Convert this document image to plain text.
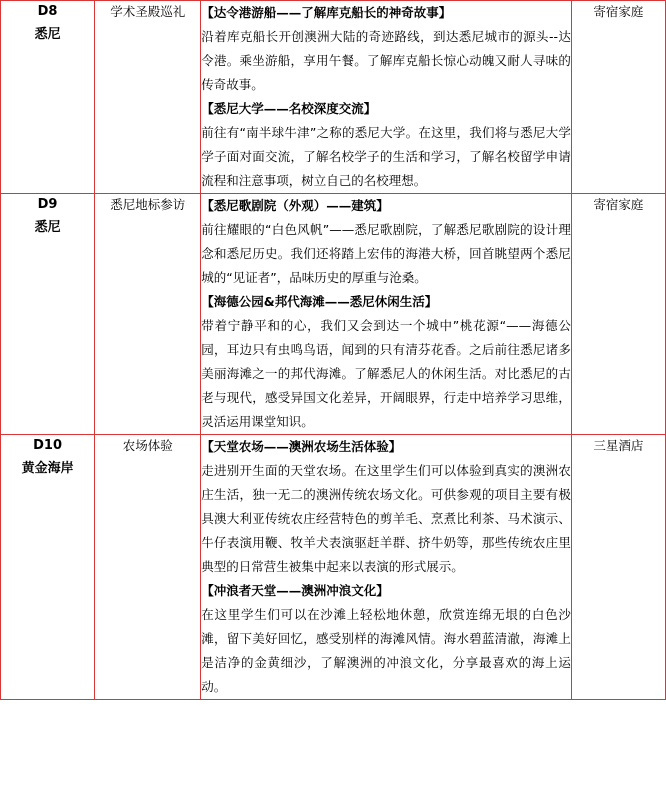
D8
悉尼
	学术圣殿巡礼	【达令港游船——了解库克船长的神奇故事】
沿着库克船长开创澳洲大陆的奇迹路线，到达悉尼城市的源头--达令港。乘坐游船，享用午餐。了解库克船长惊心动魄又耐人寻味的传奇故事。
【悉尼大学——名校深度交流】
前往有“南半球牛津”之称的悉尼大学。在这里，我们将与悉尼大学学子面对面交流，了解名校学子的生活和学习，了解名校留学申请流程和注意事项，树立自己的名校理想。
	寄宿家庭

D9
悉尼
	悉尼地标参访	【悉尼歌剧院（外观）——建筑】
前往耀眼的“白色风帆”——悉尼歌剧院，了解悉尼歌剧院的设计理念和悉尼历史。我们还将踏上宏伟的海港大桥，回首眺望两个悉尼城的“见证者”，品味历史的厚重与沧桑。
【海德公园&邦代海滩——悉尼休闲生活】
带着宁静平和的心，我们又会到达一个城中”桃花源“——海德公园，耳边只有虫鸣鸟语，闻到的只有清芬花香。之后前往悉尼诸多美丽海滩之一的邦代海滩。了解悉尼人的休闲生活。对比悉尼的古老与现代，感受异国文化差异，开阔眼界，行走中培养学习思维，灵活运用课堂知识。
	寄宿家庭

D10
黄金海岸
	农场体验	【天堂农场——澳洲农场生活体验】
走进别开生面的天堂农场。在这里学生们可以体验到真实的澳洲农庄生活，独一无二的澳洲传统农场文化。可供参观的项目主要有极具澳大利亚传统农庄经营特色的剪羊毛、烹煮比利茶、马术演示、牛仔表演用鞭、牧羊犬表演驱赶羊群、挤牛奶等，那些传统农庄里典型的日常营生被集中起来以表演的形式展示。
【冲浪者天堂——澳洲冲浪文化】
在这里学生们可以在沙滩上轻松地休憩，欣赏连绵无垠的白色沙滩，留下美好回忆，感受别样的海滩风情。海水碧蓝清澈，海滩上是洁净的金黄细沙，了解澳洲的冲浪文化，分享最喜欢的海上运动。
	三星酒店
